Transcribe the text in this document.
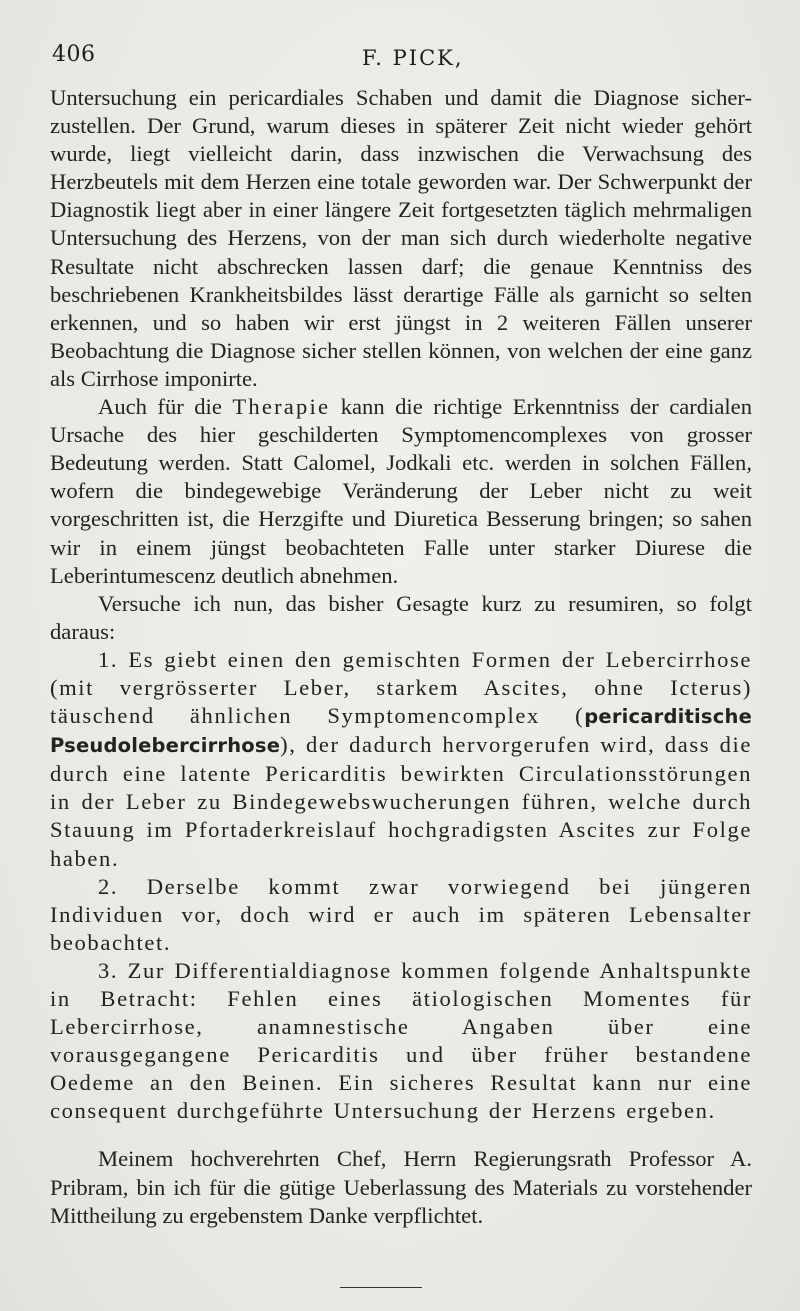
406	F. PICK,

Untersuchung ein pericardiales Schaben und damit die Diagnose sicher-zustellen. Der Grund, warum dieses in späterer Zeit nicht wieder gehört wurde, liegt vielleicht darin, dass inzwischen die Verwachsung des Herzbeutels mit dem Herzen eine totale geworden war. Der Schwerpunkt der Diagnostik liegt aber in einer längere Zeit fortgesetzten täglich mehrmaligen Untersuchung des Herzens, von der man sich durch wiederholte negative Resultate nicht abschrecken lassen darf; die genaue Kenntniss des beschriebenen Krankheitsbildes lässt derartige Fälle als garnicht so selten erkennen, und so haben wir erst jüngst in 2 weiteren Fällen unserer Beobachtung die Diagnose sicher stellen können, von welchen der eine ganz als Cirrhose imponirte.

Auch für die Therapie kann die richtige Erkenntniss der cardialen Ursache des hier geschilderten Symptomencomplexes von grosser Bedeutung werden. Statt Calomel, Jodkali etc. werden in solchen Fällen, wofern die bindegewebige Veränderung der Leber nicht zu weit vorgeschritten ist, die Herzgifte und Diuretica Besserung bringen; so sahen wir in einem jüngst beobachteten Falle unter starker Diurese die Leberintumescenz deutlich abnehmen.

Versuche ich nun, das bisher Gesagte kurz zu resumiren, so folgt daraus:

1. Es giebt einen den gemischten Formen der Lebercirrhose (mit vergrösserter Leber, starkem Ascites, ohne Icterus) täuschend ähnlichen Symptomencomplex (pericarditische Pseudolebercirrhose), der dadurch hervorgerufen wird, dass die durch eine latente Pericarditis bewirkten Circulationsstörungen in der Leber zu Bindegewebswucherungen führen, welche durch Stauung im Pfortaderkreislauf hochgradigsten Ascites zur Folge haben.

2. Derselbe kommt zwar vorwiegend bei jüngeren Individuen vor, doch wird er auch im späteren Lebensalter beobachtet.

3. Zur Differentialdiagnose kommen folgende Anhaltspunkte in Betracht: Fehlen eines ätiologischen Momentes für Lebercirrhose, anamnestische Angaben über eine vorausgegangene Pericarditis und über früher bestandene Oedeme an den Beinen. Ein sicheres Resultat kann nur eine consequent durchgeführte Untersuchung der Herzens ergeben.

Meinem hochverehrten Chef, Herrn Regierungsrath Professor A. Pribram, bin ich für die gütige Ueberlassung des Materials zu vorstehender Mittheilung zu ergebenstem Danke verpflichtet.
